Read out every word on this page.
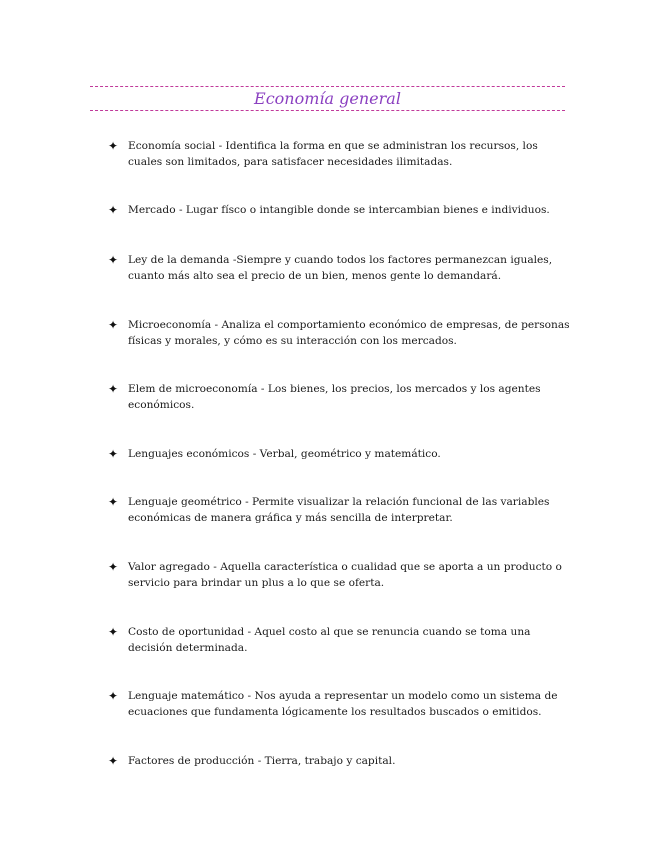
Economía general
✦ Economía social - Identifica la forma en que se administran los recursos, los cuales son limitados, para satisfacer necesidades ilimitadas.
✦ Mercado - Lugar físco o intangible donde se intercambian bienes e individuos.
✦ Ley de la demanda -Siempre y cuando todos los factores permanezcan iguales, cuanto más alto sea el precio de un bien, menos gente lo demandará.
✦ Microeconomía - Analiza el comportamiento económico de empresas, de personas físicas y morales, y cómo es su interacción con los mercados.
✦ Elem de microeconomía - Los bienes, los precios, los mercados y los agentes económicos.
✦ Lenguajes económicos - Verbal, geométrico y matemático.
✦ Lenguaje geométrico - Permite visualizar la relación funcional de las variables económicas de manera gráfica y más sencilla de interpretar.
✦ Valor agregado - Aquella característica o cualidad que se aporta a un producto o servicio para brindar un plus a lo que se oferta.
✦ Costo de oportunidad - Aquel costo al que se renuncia cuando se toma una decisión determinada.
✦ Lenguaje matemático - Nos ayuda a representar un modelo como un sistema de ecuaciones que fundamenta lógicamente los resultados buscados o emitidos.
✦ Factores de producción - Tierra, trabajo y capital.
